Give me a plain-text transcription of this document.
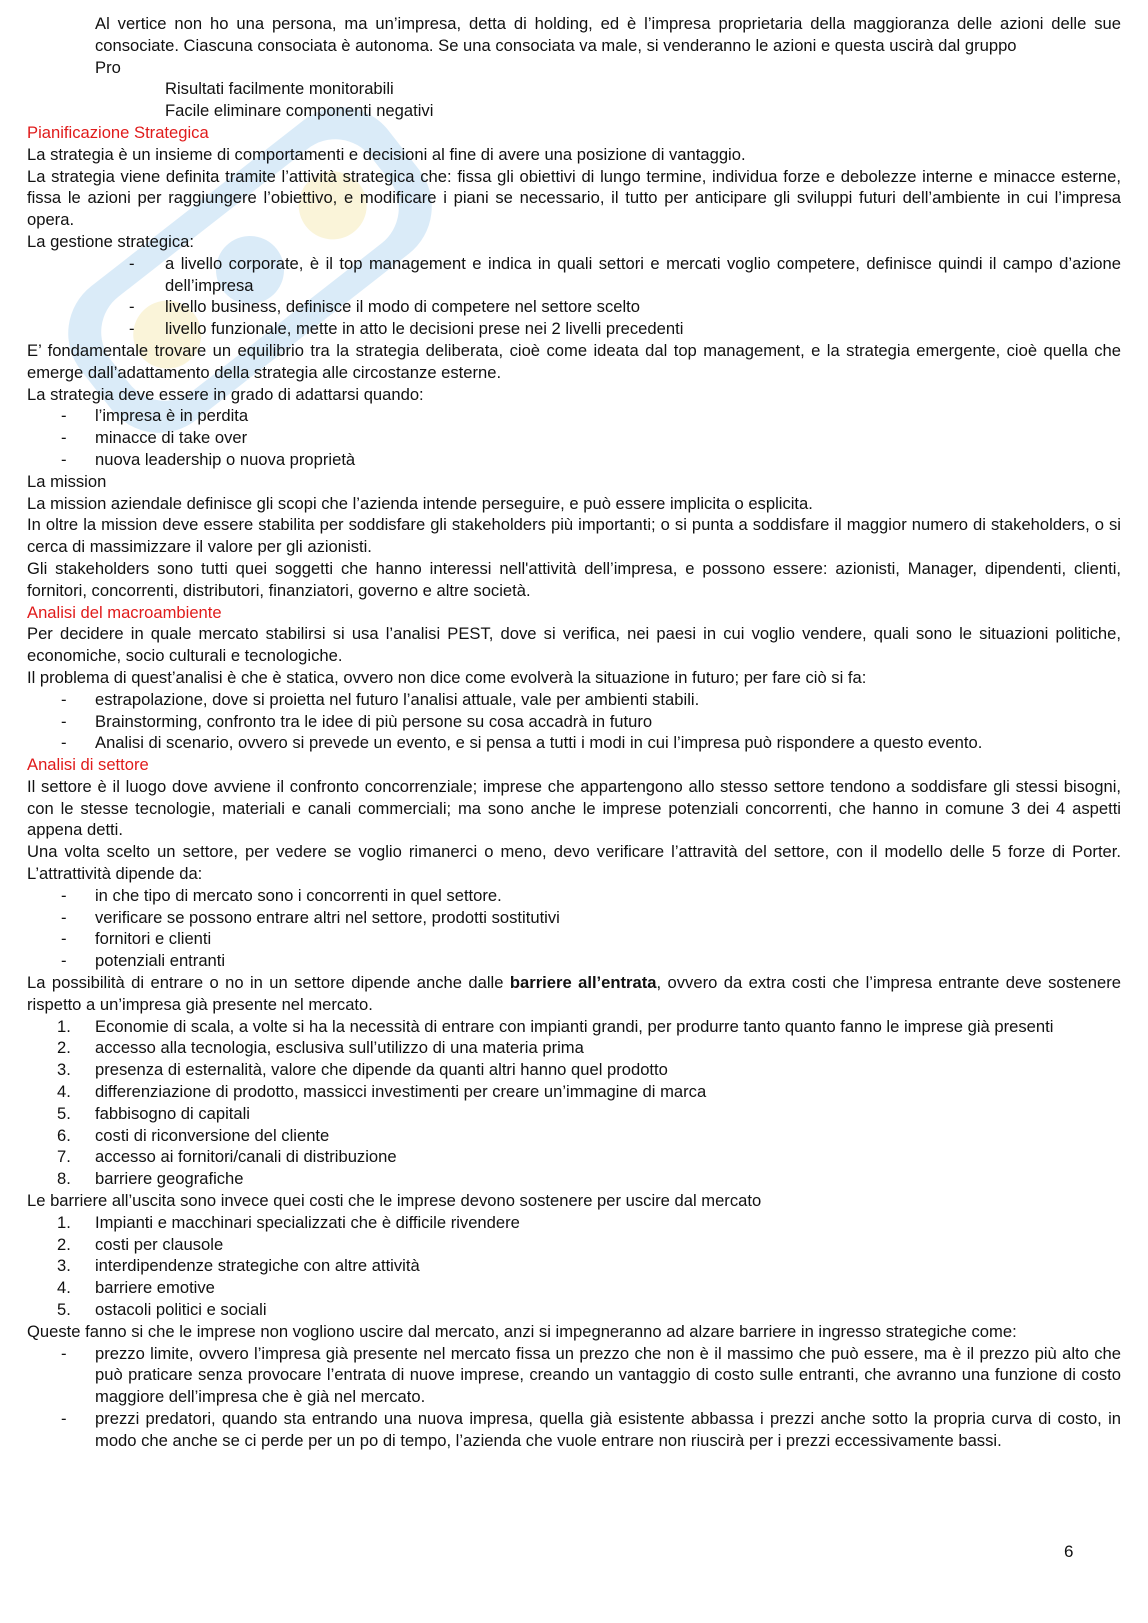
Al vertice non ho una persona, ma un’impresa, detta di holding, ed è l’impresa proprietaria della maggioranza delle azioni delle sue consociate. Ciascuna consociata è autonoma. Se una consociata va male, si venderanno le azioni e questa uscirà dal gruppo

Pro

Risultati facilmente monitorabili

Facile eliminare componenti negativi

Pianificazione Strategica

La strategia è un insieme di comportamenti e decisioni al fine di avere una posizione di vantaggio.

La strategia viene definita tramite l’attività strategica che: fissa gli obiettivi di lungo termine, individua forze e debolezze interne e minacce esterne, fissa le azioni per raggiungere l’obiettivo, e modificare i piani se necessario, il tutto per anticipare gli sviluppi futuri dell’ambiente in cui l’impresa opera.

La gestione strategica:

- a livello corporate, è il top management e indica in quali settori e mercati voglio competere, definisce quindi il campo d’azione dell’impresa
- livello business, definisce il modo di competere nel settore scelto
- livello funzionale, mette in atto le decisioni prese nei 2 livelli precedenti

E’ fondamentale trovare un equilibrio tra la strategia deliberata, cioè come ideata dal top management, e la strategia emergente, cioè quella che emerge dall’adattamento della strategia alle circostanze esterne.

La strategia deve essere in grado di adattarsi quando:

- l’impresa è in perdita
- minacce di take over
- nuova leadership o nuova proprietà

La mission

La mission aziendale definisce gli scopi che l’azienda intende perseguire, e può essere implicita o esplicita.

In oltre la mission deve essere stabilita per soddisfare gli stakeholders più importanti; o si punta a soddisfare il maggior numero di stakeholders, o si cerca di massimizzare il valore per gli azionisti.

Gli stakeholders sono tutti quei soggetti che hanno interessi nell'attività dell’impresa, e possono essere: azionisti, Manager, dipendenti, clienti, fornitori, concorrenti, distributori, finanziatori, governo e altre società.

Analisi del macroambiente

Per decidere in quale mercato stabilirsi si usa l’analisi PEST, dove si verifica, nei paesi in cui voglio vendere, quali sono le situazioni politiche, economiche, socio culturali e tecnologiche.

Il problema di quest’analisi è che è statica, ovvero non dice come evolverà la situazione in futuro; per fare ciò si fa:

- estrapolazione, dove si proietta nel futuro l’analisi attuale, vale per ambienti stabili.
- Brainstorming, confronto tra le idee di più persone su cosa accadrà in futuro
- Analisi di scenario, ovvero si prevede un evento, e si pensa a tutti i modi in cui l’impresa può rispondere a questo evento.

Analisi di settore

Il settore è il luogo dove avviene il confronto concorrenziale; imprese che appartengono allo stesso settore tendono a soddisfare gli stessi bisogni, con le stesse tecnologie, materiali e canali commerciali; ma sono anche le imprese potenziali concorrenti, che hanno in comune 3 dei 4 aspetti appena detti.

Una volta scelto un settore, per vedere se voglio rimanerci o meno, devo verificare l’attravità del settore, con il modello delle 5 forze di Porter. L’attrattività dipende da:

- in che tipo di mercato sono i concorrenti in quel settore.
- verificare se possono entrare altri nel settore, prodotti sostitutivi
- fornitori e clienti
- potenziali entranti

La possibilità di entrare o no in un settore dipende anche dalle barriere all’entrata, ovvero da extra costi che l’impresa entrante deve sostenere rispetto a un’impresa già presente nel mercato.

1. Economie di scala, a volte si ha la necessità di entrare con impianti grandi, per produrre tanto quanto fanno le imprese già presenti
2. accesso alla tecnologia, esclusiva sull’utilizzo di una materia prima
3. presenza di esternalità, valore che dipende da quanti altri hanno quel prodotto
4. differenziazione di prodotto, massicci investimenti per creare un’immagine di marca
5. fabbisogno di capitali
6. costi di riconversione del cliente
7. accesso ai fornitori/canali di distribuzione
8. barriere geografiche

Le barriere all’uscita sono invece quei costi che le imprese devono sostenere per uscire dal mercato

1. Impianti e macchinari specializzati che è difficile rivendere
2. costi per clausole
3. interdipendenze strategiche con altre attività
4. barriere emotive
5. ostacoli politici e sociali

Queste fanno si che le imprese non vogliono uscire dal mercato, anzi si impegneranno ad alzare barriere in ingresso strategiche come:

- prezzo limite, ovvero l’impresa già presente nel mercato fissa un prezzo che non è il massimo che può essere, ma è il prezzo più alto che può praticare senza provocare l’entrata di nuove imprese, creando un vantaggio di costo sulle entranti, che avranno una funzione di costo maggiore dell’impresa che è già nel mercato.
- prezzi predatori, quando sta entrando una nuova impresa, quella già esistente abbassa i prezzi anche sotto la propria curva di costo, in modo che anche se ci perde per un po di tempo, l’azienda che vuole entrare non riuscirà per i prezzi eccessivamente bassi.
6
